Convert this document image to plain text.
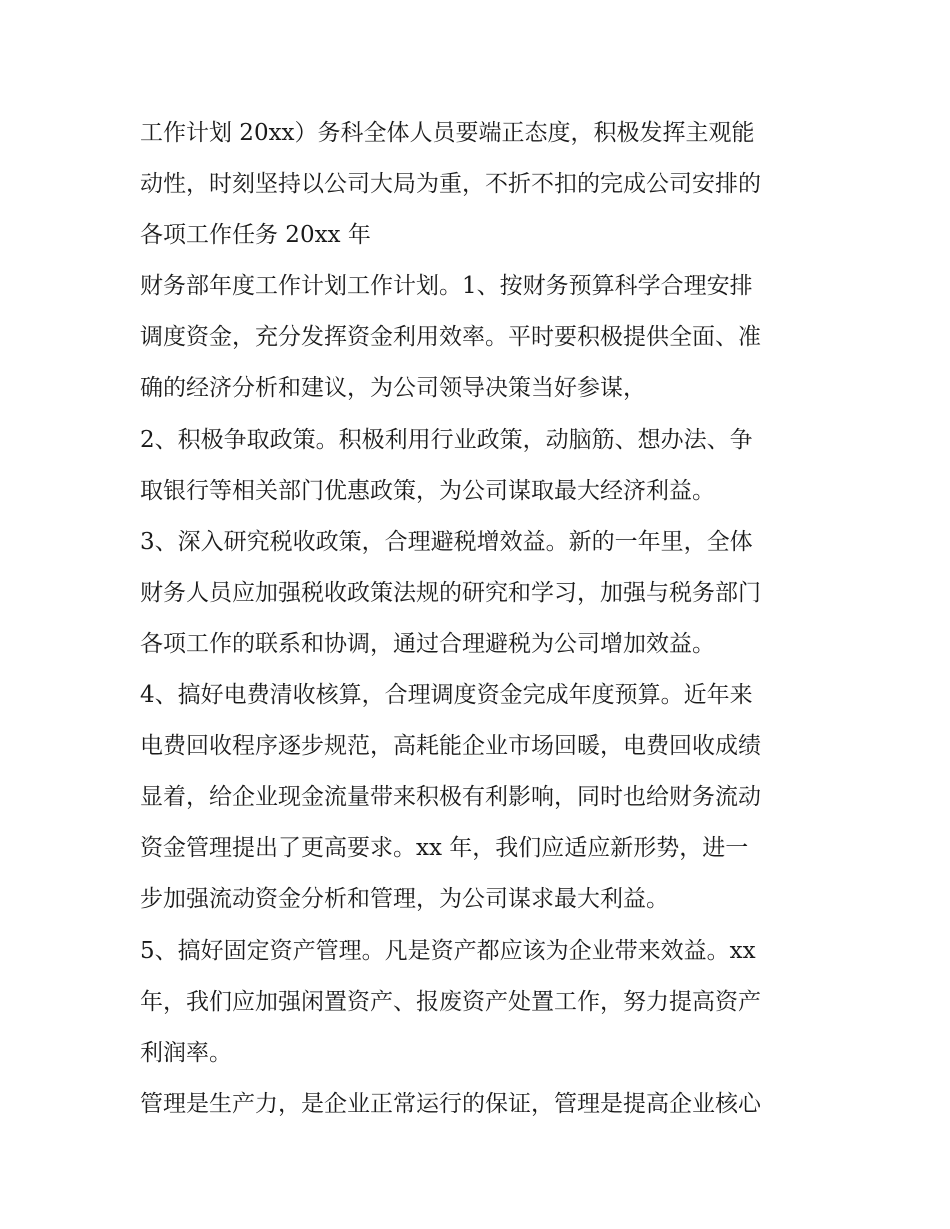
工作计划 20xx）务科全体人员要端正态度，积极发挥主观能
动性，时刻坚持以公司大局为重，不折不扣的完成公司安排的
各项工作任务 20xx 年
财务部年度工作计划工作计划。1、按财务预算科学合理安排
调度资金，充分发挥资金利用效率。平时要积极提供全面、准
确的经济分析和建议，为公司领导决策当好参谋，
2、积极争取政策。积极利用行业政策，动脑筋、想办法、争
取银行等相关部门优惠政策，为公司谋取最大经济利益。
3、深入研究税收政策，合理避税增效益。新的一年里，全体
财务人员应加强税收政策法规的研究和学习，加强与税务部门
各项工作的联系和协调，通过合理避税为公司增加效益。
4、搞好电费清收核算，合理调度资金完成年度预算。近年来
电费回收程序逐步规范，高耗能企业市场回暖，电费回收成绩
显着，给企业现金流量带来积极有利影响，同时也给财务流动
资金管理提出了更高要求。xx 年，我们应适应新形势，进一
步加强流动资金分析和管理，为公司谋求最大利益。
5、搞好固定资产管理。凡是资产都应该为企业带来效益。xx
年，我们应加强闲置资产、报废资产处置工作，努力提高资产
利润率。
管理是生产力，是企业正常运行的保证，管理是提高企业核心
